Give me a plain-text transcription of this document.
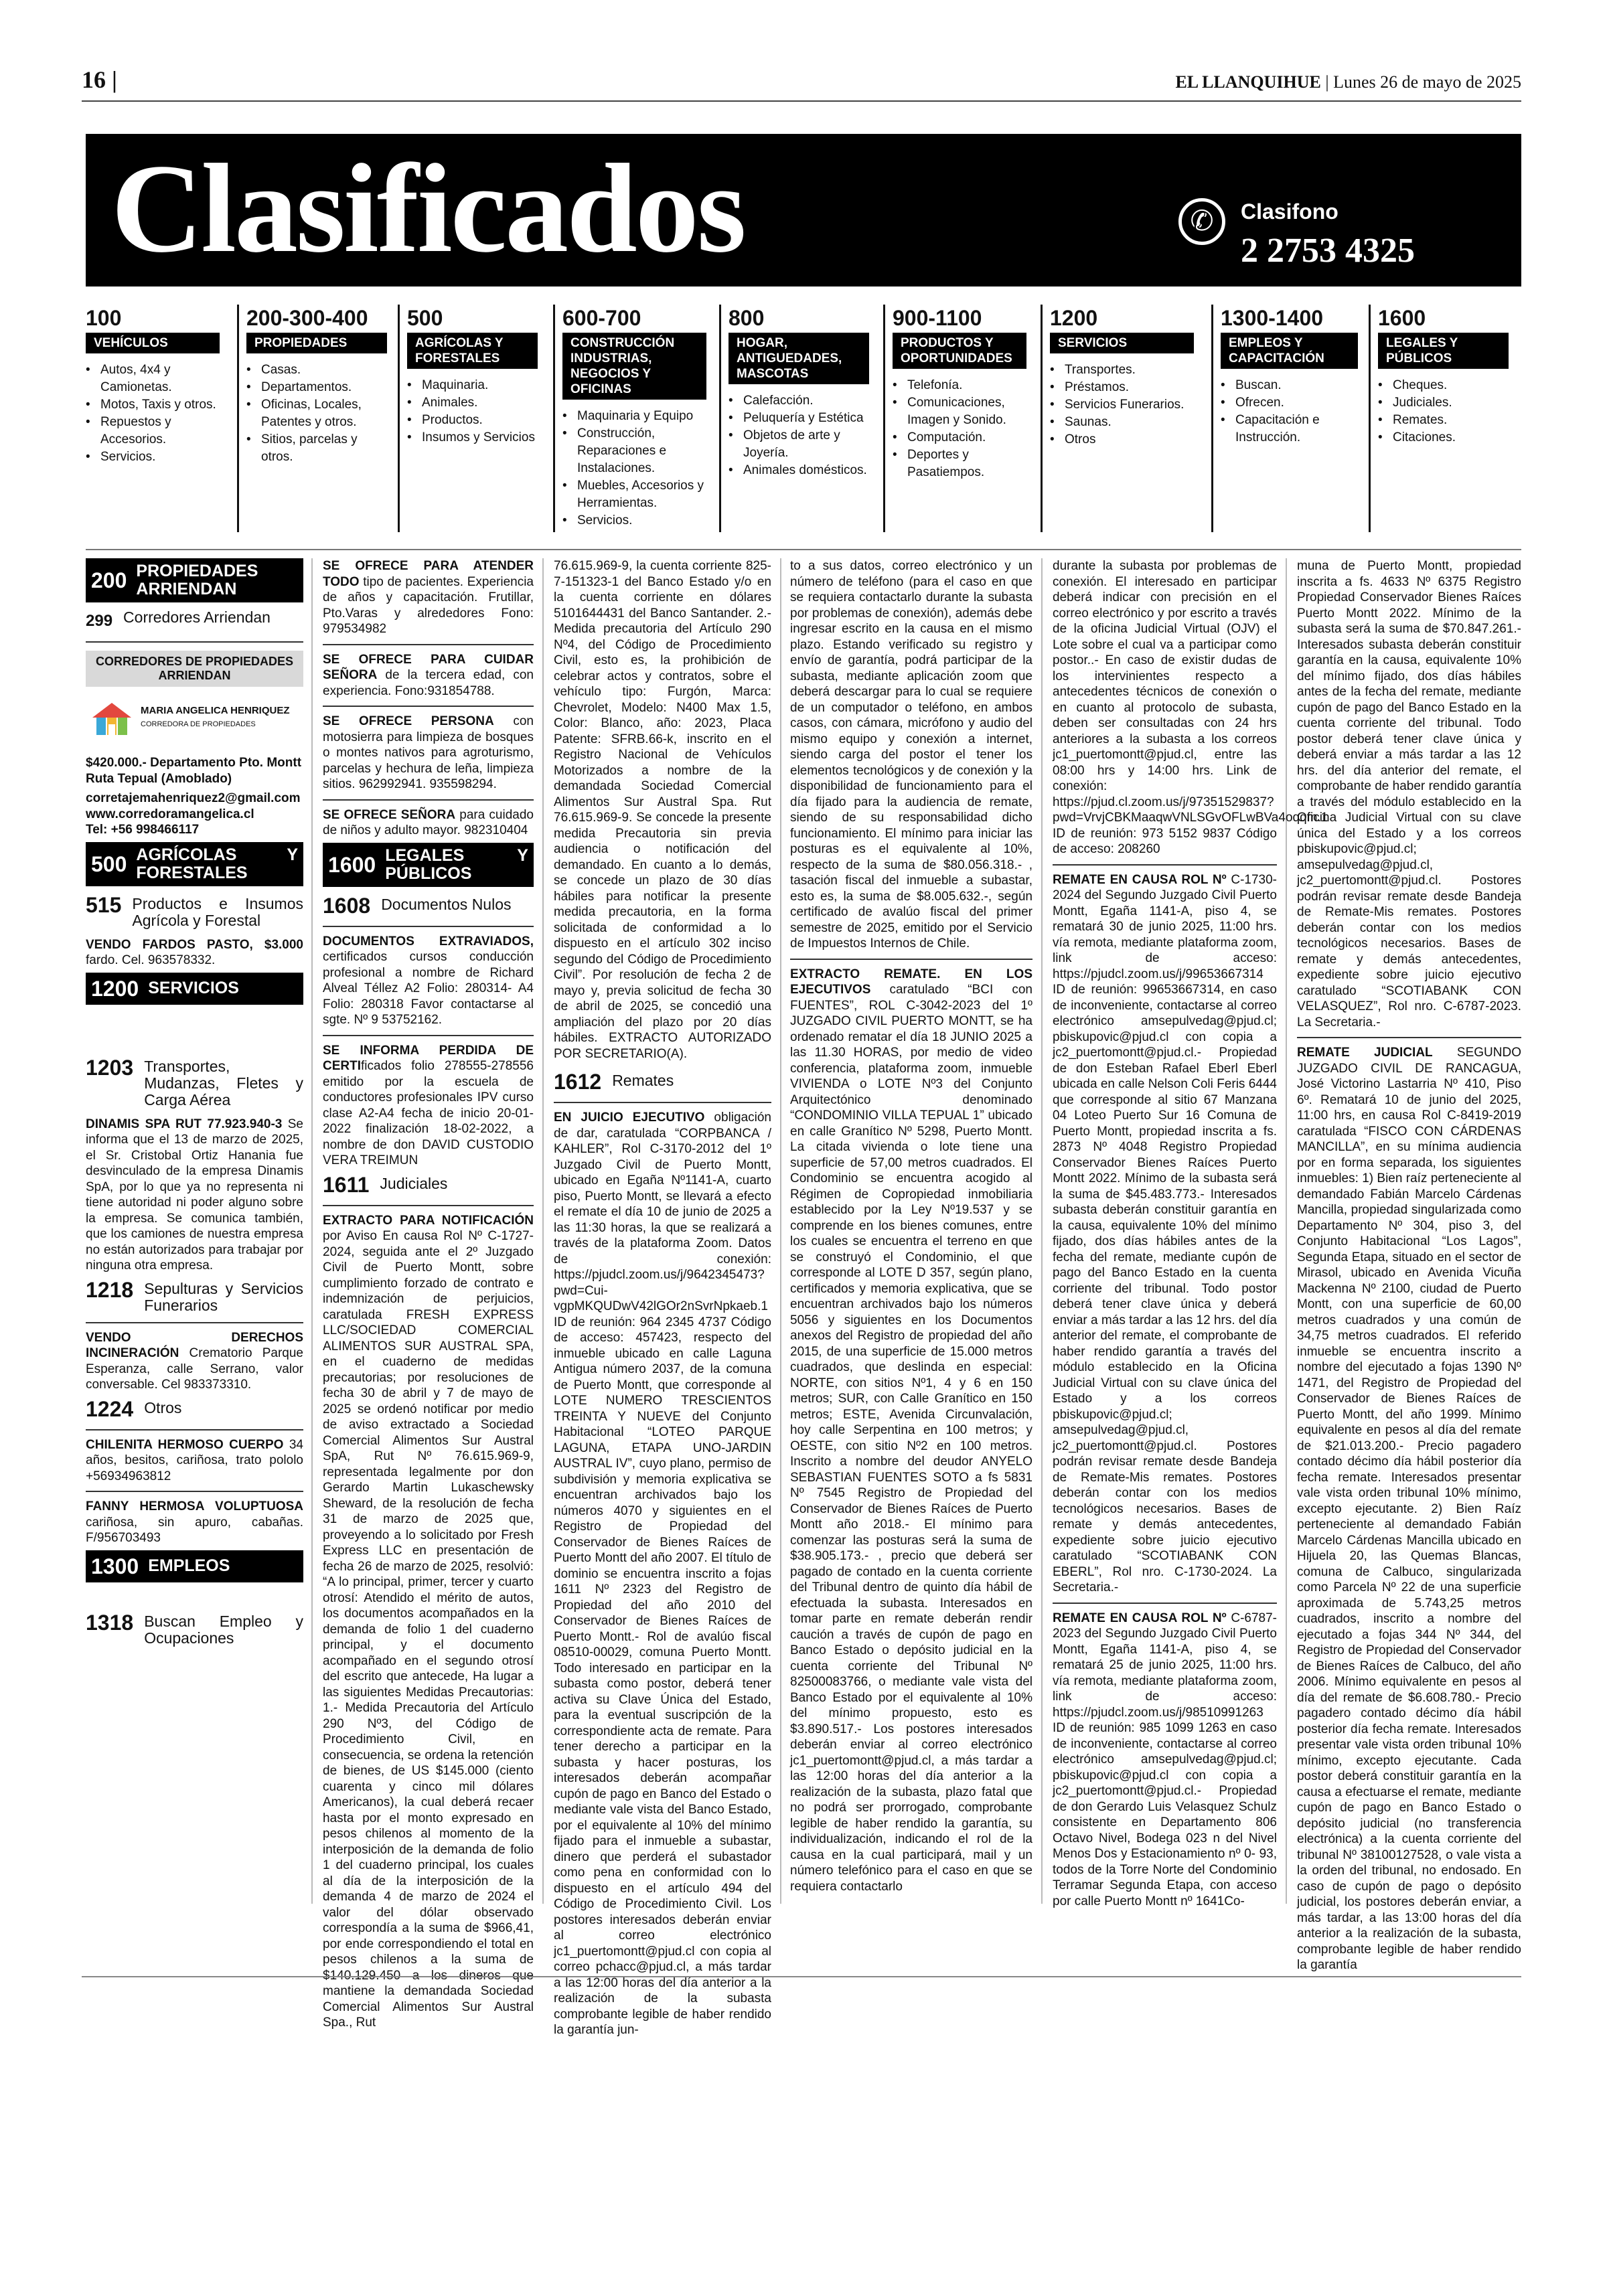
16 |	EL LLANQUIHUE | Lunes 26 de mayo de 2025
Clasificados	✆	Clasifono
2 2753 4325
100
VEHÍCULOS
• Autos, 4x4 y Camionetas.
• Motos, Taxis y otros.
• Repuestos y Accesorios.
• Servicios.
200-300-400
PROPIEDADES
• Casas.
• Departamentos.
• Oficinas, Locales, Patentes y otros.
• Sitios, parcelas y otros.
500
AGRÍCOLAS Y FORESTALES
• Maquinaria.
• Animales.
• Productos.
• Insumos y Servicios
600-700
CONSTRUCCIÓN INDUSTRIAS, NEGOCIOS Y OFICINAS
• Maquinaria y Equipo
• Construcción, Reparaciones e Instalaciones.
• Muebles, Accesorios y Herramientas.
• Servicios.
800
HOGAR, ANTIGUEDADES, MASCOTAS
• Calefacción.
• Peluquería y Estética
• Objetos de arte y Joyería.
• Animales domésticos.
900-1100
PRODUCTOS Y OPORTUNIDADES
• Telefonía.
• Comunicaciones, Imagen y Sonido.
• Computación.
• Deportes y Pasatiempos.
1200
SERVICIOS
• Transportes.
• Préstamos.
• Servicios Funerarios.
• Saunas.
• Otros
1300-1400
EMPLEOS Y CAPACITACIÓN
• Buscan.
• Ofrecen.
• Capacitación e Instrucción.
1600
LEGALES Y PÚBLICOS
• Cheques.
• Judiciales.
• Remates.
• Citaciones.
200 PROPIEDADES ARRIENDAN
299 Corredores Arriendan
CORREDORES DE PROPIEDADES ARRIENDAN
MARIA ANGELICA HENRIQUEZ
CORREDORA DE PROPIEDADES

$420.000.- Departamento Pto. Montt Ruta Tepual (Amoblado)

corretajemahenriquez2@gmail.com

www.corredoramangelica.cl

Tel: +56 998466117

500 AGRÍCOLAS Y FORESTALES
515 Productos e Insumos Agrícola y Forestal

VENDO FARDOS PASTO, $3.000 fardo. Cel. 963578332.

1200 SERVICIOS
1203 Transportes, Mudanzas, Fletes y Carga Aérea

DINAMIS SPA RUT 77.923.940-3 Se informa que el 13 de marzo de 2025, el Sr. Cristobal Ortiz Hanania fue desvinculado de la empresa Dinamis SpA, por lo que ya no representa ni tiene autoridad ni poder alguno sobre la empresa. Se comunica también, que los camiones de nuestra empresa no están autorizados para trabajar por ninguna otra empresa.

1218 Sepulturas y Servicios Funerarios

VENDO DERECHOS INCINERACIÓN Crematorio Parque Esperanza, calle Serrano, valor conversable. Cel 983373310.

1224 Otros

CHILENITA HERMOSO CUERPO 34 años, besitos, cariñosa, trato pololo +56934963812

FANNY HERMOSA VOLUPTUOSA cariñosa, sin apuro, cabañas. F/956703493

1300 EMPLEOS
1318 Buscan Empleo y Ocupaciones

SE OFRECE PARA ATENDER TODO tipo de pacientes. Experiencia de años y capacitación. Frutillar, Pto.Varas y alrededores Fono: 979534982

SE OFRECE PARA CUIDAR SEÑORA de la tercera edad, con experiencia. Fono:931854788.

SE OFRECE PERSONA con motosierra para limpieza de bosques o montes nativos para agroturismo, parcelas y hechura de leña, limpieza sitios. 962992941. 935598294.

SE OFRECE SEÑORA para cuidado de niños y adulto mayor. 982310404

1600 LEGALES Y PÚBLICOS
1608 Documentos Nulos

DOCUMENTOS EXTRAVIADOS, certificados cursos conducción profesional a nombre de Richard Alveal Téllez A2 Folio: 280314- A4 Folio: 280318 Favor contactarse al sgte. Nº 9 53752162.

SE INFORMA PERDIDA DE CERTIficados folio 278555-278556 emitido por la escuela de conductores profesionales IPV curso clase A2-A4 fecha de inicio 20-01-2022 finalización 18-02-2022, a nombre de don DAVID CUSTODIO VERA TREIMUN

1611 Judiciales

EXTRACTO PARA NOTIFICACIÓN por Aviso En causa Rol Nº C-1727-2024, seguida ante el 2º Juzgado Civil de Puerto Montt, sobre cumplimiento forzado de contrato e indemnización de perjuicios, caratulada FRESH EXPRESS LLC/SOCIEDAD COMERCIAL ALIMENTOS SUR AUSTRAL SPA, en el cuaderno de medidas precautorias; por resoluciones de fecha 30 de abril y 7 de mayo de 2025 se ordenó notificar por medio de aviso extractado a Sociedad Comercial Alimentos Sur Austral SpA, Rut Nº 76.615.969-9, representada legalmente por don Gerardo Martin Lukaschewsky Sheward, de la resolución de fecha 31 de marzo de 2025 que, proveyendo a lo solicitado por Fresh Express LLC en presentación de fecha 26 de marzo de 2025, resolvió: “A lo principal, primer, tercer y cuarto otrosí: Atendido el mérito de autos, los documentos acompañados en la demanda de folio 1 del cuaderno principal, y el documento acompañado en el segundo otrosí del escrito que antecede, Ha lugar a las siguientes Medidas Precautorias: 1.- Medida Precautoria del Artículo 290 Nº3, del Código de Procedimiento Civil, en consecuencia, se ordena la retención de bienes, de US $145.000 (ciento cuarenta y cinco mil dólares Americanos), la cual deberá recaer hasta por el monto expresado en pesos chilenos al momento de la interposición de la demanda de folio 1 del cuaderno principal, los cuales al día de la interposición de la demanda 4 de marzo de 2024 el valor del dólar observado correspondía a la suma de $966,41, por ende correspondiendo el total en pesos chilenos a la suma de $140.129.450 a los dineros que mantiene la demandada Sociedad Comercial Alimentos Sur Austral Spa., Rut

76.615.969-9, la cuenta corriente 825-7-151323-1 del Banco Estado y/o en la cuenta corriente en dólares 5101644431 del Banco Santander. 2.- Medida precautoria del Artículo 290 Nº4, del Código de Procedimiento Civil, esto es, la prohibición de celebrar actos y contratos, sobre el vehículo tipo: Furgón, Marca: Chevrolet, Modelo: N400 Max 1.5, Color: Blanco, año: 2023, Placa Patente: SFRB.66-k, inscrito en el Registro Nacional de Vehículos Motorizados a nombre de la demandada Sociedad Comercial Alimentos Sur Austral Spa. Rut 76.615.969-9. Se concede la presente medida Precautoria sin previa audiencia o notificación del demandado. En cuanto a lo demás, se concede un plazo de 30 días hábiles para notificar la presente medida precautoria, en la forma solicitada de conformidad a lo dispuesto en el artículo 302 inciso segundo del Código de Procedimiento Civil”. Por resolución de fecha 2 de mayo y, previa solicitud de fecha 30 de abril de 2025, se concedió una ampliación del plazo por 20 días hábiles. EXTRACTO AUTORIZADO POR SECRETARIO(A).

1612 Remates

EN JUICIO EJECUTIVO obligación de dar, caratulada “CORPBANCA / KAHLER”, Rol C-3170-2012 del 1º Juzgado Civil de Puerto Montt, ubicado en Egaña Nº1141-A, cuarto piso, Puerto Montt, se llevará a efecto el remate el día 10 de junio de 2025 a las 11:30 horas, la que se realizará a través de la plataforma Zoom. Datos de conexión: https://pjudcl.zoom.us/j/9642345473?pwd=Cui-vgpMKQUDwV42lGOr2nSvrNpkaeb.1 ID de reunión: 964 2345 4737 Código de acceso: 457423, respecto del inmueble ubicado en calle Laguna Antigua número 2037, de la comuna de Puerto Montt, que corresponde al LOTE NUMERO TRESCIENTOS TREINTA Y NUEVE del Conjunto Habitacional “LOTEO PARQUE LAGUNA, ETAPA UNO-JARDIN AUSTRAL IV”, cuyo plano, permiso de subdivisión y memoria explicativa se encuentran archivados bajo los números 4070 y siguientes en el Registro de Propiedad del Conservador de Bienes Raíces de Puerto Montt del año 2007. El título de dominio se encuentra inscrito a fojas 1611 Nº 2323 del Registro de Propiedad del año 2010 del Conservador de Bienes Raíces de Puerto Montt.- Rol de avalúo fiscal 08510-00029, comuna Puerto Montt. Todo interesado en participar en la subasta como postor, deberá tener activa su Clave Única del Estado, para la eventual suscripción de la correspondiente acta de remate. Para tener derecho a participar en la subasta y hacer posturas, los interesados deberán acompañar cupón de pago en Banco del Estado o mediante vale vista del Banco Estado, por el equivalente al 10% del mínimo fijado para el inmueble a subastar, dinero que perderá el subastador como pena en conformidad con lo dispuesto en el artículo 494 del Código de Procedimiento Civil. Los postores interesados deberán enviar al correo electrónico jc1_puertomontt@pjud.cl con copia al correo pchacc@pjud.cl, a más tardar a las 12:00 horas del día anterior a la realización de la subasta comprobante legible de haber rendido la garantía jun-

to a sus datos, correo electrónico y un número de teléfono (para el caso en que se requiera contactarlo durante la subasta por problemas de conexión), además debe ingresar escrito en la causa en el mismo plazo. Estando verificado su registro y envío de garantía, podrá participar de la subasta, mediante aplicación zoom que deberá descargar para lo cual se requiere de un computador o teléfono, en ambos casos, con cámara, micrófono y audio del mismo equipo y conexión a internet, siendo carga del postor el tener los elementos tecnológicos y de conexión y la disponibilidad de funcionamiento para el día fijado para la audiencia de remate, siendo de su responsabilidad dicho funcionamiento. El mínimo para iniciar las posturas es el equivalente al 10%, respecto de la suma de $80.056.318.- , tasación fiscal del inmueble a subastar, esto es, la suma de $8.005.632.-, según certificado de avalúo fiscal del primer semestre de 2025, emitido por el Servicio de Impuestos Internos de Chile.

EXTRACTO REMATE. EN LOS EJECUTIVOS caratulado “BCI con FUENTES”, ROL C-3042-2023 del 1º JUZGADO CIVIL PUERTO MONTT, se ha ordenado rematar el día 18 JUNIO 2025 a las 11.30 HORAS, por medio de video conferencia, plataforma zoom, inmueble VIVIENDA o LOTE Nº3 del Conjunto Arquitectónico denominado “CONDOMINIO VILLA TEPUAL 1” ubicado en calle Granítico Nº 5298, Puerto Montt. La citada vivienda o lote tiene una superficie de 57,00 metros cuadrados. El Condominio se encuentra acogido al Régimen de Copropiedad inmobiliaria establecido por la Ley Nº19.537 y se comprende en los bienes comunes, entre los cuales se encuentra el terreno en que se construyó el Condominio, el que corresponde al LOTE D 357, según plano, certificados y memoria explicativa, que se encuentran archivados bajo los números 5056 y siguientes en los Documentos anexos del Registro de propiedad del año 2015, de una superficie de 15.000 metros cuadrados, que deslinda en especial: NORTE, con sitios Nº1, 4 y 6 en 150 metros; SUR, con Calle Granítico en 150 metros; ESTE, Avenida Circunvalación, hoy calle Serpentina en 100 metros; y OESTE, con sitio Nº2 en 100 metros. Inscrito a nombre del deudor ANYELO SEBASTIAN FUENTES SOTO a fs 5831 Nº 7545 Registro de Propiedad del Conservador de Bienes Raíces de Puerto Montt año 2018.- El mínimo para comenzar las posturas será la suma de $38.905.173.- , precio que deberá ser pagado de contado en la cuenta corriente del Tribunal dentro de quinto día hábil de efectuada la subasta. Interesados en tomar parte en remate deberán rendir caución a través de cupón de pago en Banco Estado o depósito judicial en la cuenta corriente del Tribunal Nº 82500083766, o mediante vale vista del Banco Estado por el equivalente al 10% del mínimo propuesto, esto es $3.890.517.- Los postores interesados deberán enviar al correo electrónico jc1_puertomontt@pjud.cl, a más tardar a las 12:00 horas del día anterior a la realización de la subasta, plazo fatal que no podrá ser prorrogado, comprobante legible de haber rendido la garantía, su individualización, indicando el rol de la causa en la cual participará, mail y un número telefónico para el caso en que se requiera contactarlo

durante la subasta por problemas de conexión. El interesado en participar deberá indicar con precisión en el correo electrónico y por escrito a través de la oficina Judicial Virtual (OJV) el Lote sobre el cual va a participar como postor..- En caso de existir dudas de los intervinientes respecto a antecedentes técnicos de conexión o en cuanto al protocolo de subasta, deben ser consultadas con 24 hrs anteriores a la subasta a los correos jc1_puertomontt@pjud.cl, entre las 08:00 hrs y 14:00 hrs. Link de conexión: https://pjud.cl.zoom.us/j/97351529837?pwd=VrvjCBKMaaqwVNLSGvOFLwBVa4oqqm.1 ID de reunión: 973 5152 9837 Código de acceso: 208260

REMATE EN CAUSA ROL Nº C-1730-2024 del Segundo Juzgado Civil Puerto Montt, Egaña 1141-A, piso 4, se rematará 30 de junio 2025, 11:00 hrs. vía remota, mediante plataforma zoom, link de acceso: https://pjudcl.zoom.us/j/99653667314 ID de reunión: 99653667314, en caso de inconveniente, contactarse al correo electrónico amsepulvedag@pjud.cl; pbiskupovic@pjud.cl con copia a jc2_puertomontt@pjud.cl.- Propiedad de don Esteban Rafael Eberl Eberl ubicada en calle Nelson Coli Feris 6444 que corresponde al sitio 67 Manzana 04 Loteo Puerto Sur 16 Comuna de Puerto Montt, propiedad inscrita a fs. 2873 Nº 4048 Registro Propiedad Conservador Bienes Raíces Puerto Montt 2022. Mínimo de la subasta será la suma de $45.483.773.- Interesados subasta deberán constituir garantía en la causa, equivalente 10% del mínimo fijado, dos días hábiles antes de la fecha del remate, mediante cupón de pago del Banco Estado en la cuenta corriente del tribunal. Todo postor deberá tener clave única y deberá enviar a más tardar a las 12 hrs. del día anterior del remate, el comprobante de haber rendido garantía a través del módulo establecido en la Oficina Judicial Virtual con su clave única del Estado y a los correos pbiskupovic@pjud.cl; amsepulvedag@pjud.cl, jc2_puertomontt@pjud.cl. Postores podrán revisar remate desde Bandeja de Remate-Mis remates. Postores deberán contar con los medios tecnológicos necesarios. Bases de remate y demás antecedentes, expediente sobre juicio ejecutivo caratulado “SCOTIABANK CON EBERL”, Rol nro. C-1730-2024. La Secretaria.-

REMATE EN CAUSA ROL Nº C-6787-2023 del Segundo Juzgado Civil Puerto Montt, Egaña 1141-A, piso 4, se rematará 25 de junio 2025, 11:00 hrs. vía remota, mediante plataforma zoom, link de acceso: https://pjudcl.zoom.us/j/98510991263 ID de reunión: 985 1099 1263 en caso de inconveniente, contactarse al correo electrónico amsepulvedag@pjud.cl; pbiskupovic@pjud.cl con copia a jc2_puertomontt@pjud.cl.- Propiedad de don Gerardo Luis Velasquez Schulz consistente en Departamento 806 Octavo Nivel, Bodega 023 n del Nivel Menos Dos y Estacionamiento nº 0- 93, todos de la Torre Norte del Condominio Terramar Segunda Etapa, con acceso por calle Puerto Montt nº 1641Co-

muna de Puerto Montt, propiedad inscrita a fs. 4633 Nº 6375 Registro Propiedad Conservador Bienes Raíces Puerto Montt 2022. Mínimo de la subasta será la suma de $70.847.261.- Interesados subasta deberán constituir garantía en la causa, equivalente 10% del mínimo fijado, dos días hábiles antes de la fecha del remate, mediante cupón de pago del Banco Estado en la cuenta corriente del tribunal. Todo postor deberá tener clave única y deberá enviar a más tardar a las 12 hrs. del día anterior del remate, el comprobante de haber rendido garantía a través del módulo establecido en la Oficina Judicial Virtual con su clave única del Estado y a los correos pbiskupovic@pjud.cl; amsepulvedag@pjud.cl, jc2_puertomontt@pjud.cl. Postores podrán revisar remate desde Bandeja de Remate-Mis remates. Postores deberán contar con los medios tecnológicos necesarios. Bases de remate y demás antecedentes, expediente sobre juicio ejecutivo caratulado “SCOTIABANK CON VELASQUEZ”, Rol nro. C-6787-2023. La Secretaria.-

REMATE JUDICIAL SEGUNDO JUZGADO CIVIL DE RANCAGUA, José Victorino Lastarria Nº 410, Piso 6º. Rematará 10 de junio del 2025, 11:00 hrs, en causa Rol C-8419-2019 caratulada “FISCO CON CÁRDENAS MANCILLA”, en su mínima audiencia por en forma separada, los siguientes inmuebles: 1) Bien raíz perteneciente al demandado Fabián Marcelo Cárdenas Mancilla, propiedad singularizada como Departamento Nº 304, piso 3, del Conjunto Habitacional “Los Lagos”, Segunda Etapa, situado en el sector de Mirasol, ubicado en Avenida Vicuña Mackenna Nº 2100, ciudad de Puerto Montt, con una superficie de 60,00 metros cuadrados y una común de 34,75 metros cuadrados. El referido inmueble se encuentra inscrito a nombre del ejecutado a fojas 1390 Nº 1471, del Registro de Propiedad del Conservador de Bienes Raíces de Puerto Montt, del año 1999. Mínimo equivalente en pesos al día del remate de $21.013.200.- Precio pagadero contado décimo día hábil posterior día fecha remate. Interesados presentar vale vista orden tribunal 10% mínimo, excepto ejecutante. 2) Bien Raíz perteneciente al demandado Fabián Marcelo Cárdenas Mancilla ubicado en Hijuela 20, las Quemas Blancas, comuna de Calbuco, singularizada como Parcela Nº 22 de una superficie aproximada de 5.743,25 metros cuadrados, inscrito a nombre del ejecutado a fojas 344 Nº 344, del Registro de Propiedad del Conservador de Bienes Raíces de Calbuco, del año 2006. Mínimo equivalente en pesos al día del remate de $6.608.780.- Precio pagadero contado décimo día hábil posterior día fecha remate. Interesados presentar vale vista orden tribunal 10% mínimo, excepto ejecutante. Cada postor deberá constituir garantía en la causa a efectuarse el remate, mediante cupón de pago en Banco Estado o depósito judicial (no transferencia electrónica) a la cuenta corriente del tribunal Nº 38100127528, o vale vista a la orden del tribunal, no endosado. En caso de cupón de pago o depósito judicial, los postores deberán enviar, a más tardar, a las 13:00 horas del día anterior a la realización de la subasta, comprobante legible de haber rendido la garantía
